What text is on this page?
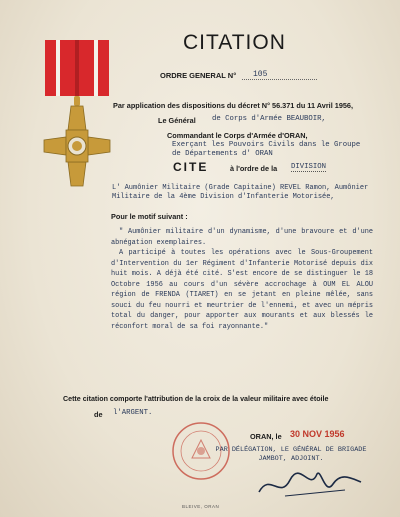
CITATION
ORDRE GENERAL N° 105
Par application des dispositions du décret N° 56.371 du 11 Avril 1956,
Le Général de Corps d'Armée BEAUBOIR,
Commandant le Corps d'Armée d'ORAN,
Exerçant les Pouvoirs Civils dans le Groupe de Départements d' ORAN
CITE	à l'ordre de la DIVISION
L' Aumônier Militaire (Grade Capitaine) REVEL Ramon, Aumônier Militaire de la 4ème Division d'Infanterie Motorisée,
Pour le motif suivant :

" Aumônier militaire d'un dynamisme, d'une bravoure et d'une abnégation exemplaires.

A participé à toutes les opérations avec le Sous-Groupement d'Intervention du 1er Régiment d'Infanterie Motorisé depuis dix huit mois. A déjà été cité. S'est encore de se distinguer le 18 Octobre 1956 au cours d'un sévère accrochage à OUM EL ALOU région de FRENDA (TIARET) en se jetant en pleine mêlée, sans souci du feu nourri et meurtrier de l'ennemi, et avec un mépris total du danger, pour apporter aux mourants et aux blessés le réconfort moral de sa foi rayonnante."

Cette citation comporte l'attribution de la croix de la valeur militaire avec étoile
de l'ARGENT.
ORAN, le 30 NOV 1956
PAR DÉLÉGATION, LE GÉNÉRAL DE BRIGADE
JAMBOT, ADJOINT.
BLEIVE, ORAN
